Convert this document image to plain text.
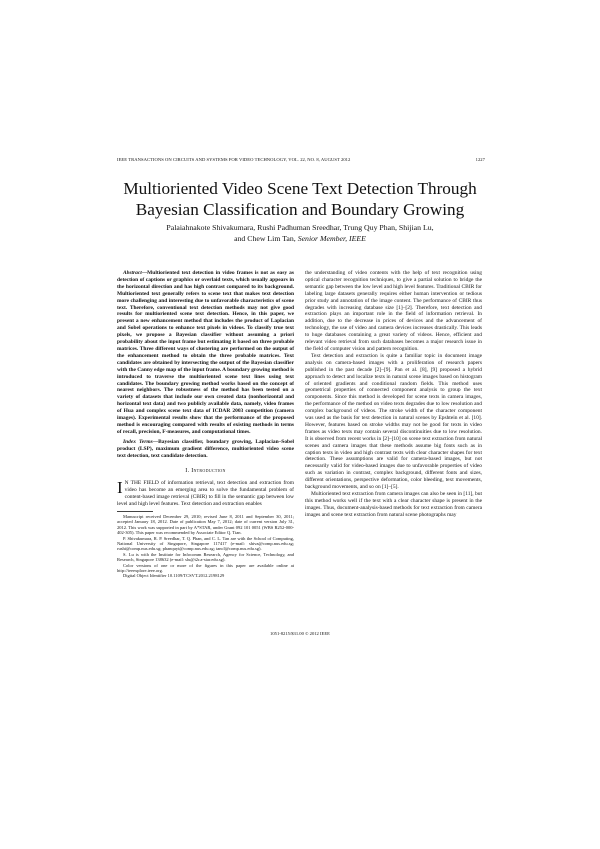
IEEE TRANSACTIONS ON CIRCUITS AND SYSTEMS FOR VIDEO TECHNOLOGY, VOL. 22, NO. 8, AUGUST 2012	1227
Multioriented Video Scene Text Detection Through
Bayesian Classification and Boundary Growing
Palaiahnakote Shivakumara, Rushi Padhuman Sreedhar, Trung Quy Phan, Shijian Lu,
and Chew Lim Tan, Senior Member, IEEE

Abstract—Multioriented text detection in video frames is not as easy as detection of captions or graphics or overlaid texts, which usually appears in the horizontal direction and has high contrast compared to its background. Multioriented text generally refers to scene text that makes text detection more challenging and interesting due to unfavorable characteristics of scene text. Therefore, conventional text detection methods may not give good results for multioriented scene text detection. Hence, in this paper, we present a new enhancement method that includes the product of Laplacian and Sobel operations to enhance text pixels in videos. To classify true text pixels, we propose a Bayesian classifier without assuming a priori probability about the input frame but estimating it based on three probable matrices. Three different ways of clustering are performed on the output of the enhancement method to obtain the three probable matrices. Text candidates are obtained by intersecting the output of the Bayesian classifier with the Canny edge map of the input frame. A boundary growing method is introduced to traverse the multioriented scene text lines using text candidates. The boundary growing method works based on the concept of nearest neighbors. The robustness of the method has been tested on a variety of datasets that include our own created data (nonhorizontal and horizontal text data) and two publicly available data, namely, video frames of Hua and complex scene text data of ICDAR 2003 competition (camera images). Experimental results show that the performance of the proposed method is encouraging compared with results of existing methods in terms of recall, precision, F-measures, and computational times.

Index Terms—Bayesian classifier, boundary growing, Laplacian–Sobel product (LSP), maximum gradient difference, multioriented video scene text detection, text candidate detection.

I. Introduction

I N THE FIELD of information retrieval, text detection and extraction from video has become an emerging area to solve the fundamental problem of content-based image retrieval (CBIR) to fill in the semantic gap between low level and high level features. Text detection and extraction enables

Manuscript received December 29, 2010; revised June 8, 2011 and September 30, 2011; accepted January 18, 2012. Date of publication May 7, 2012; date of current version July 31, 2012. This work was supported in part by A*STAR, under Grant 092 101 0051 (WBS R252-000-402-305). This paper was recommended by Associate Editor Q. Tian.

P. Shivakumara, R. P. Sreedhar, T. Q. Phan, and C. L. Tan are with the School of Computing, National University of Singapore, Singapore 117417 (e-mail: shiva@comp.nus.edu.sg; rushi@comp.nus.edu.sg; phanquyt@comp.nus.edu.sg; tancl@comp.nus.edu.sg).

S. Lu is with the Institute for Infocomm Research, Agency for Science, Technology, and Research, Singapore 138632 (e-mail: slu@i2r.a-star.edu.sg).

Color versions of one or more of the figures in this paper are available online at http://ieeexplore.ieee.org.

Digital Object Identifier 10.1109/TCSVT.2012.2198129

the understanding of video contents with the help of text recognition using optical character recognition techniques, to give a partial solution to bridge the semantic gap between the low level and high level features. Traditional CBIR for labeling large datasets generally requires either human intervention or tedious prior study and annotation of the image content. The performance of CBIR thus degrades with increasing database size [1]–[2]. Therefore, text detection and extraction plays an important role in the field of information retrieval. In addition, due to the decrease in prices of devices and the advancement of technology, the use of video and camera devices increases drastically. This leads to huge databases containing a great variety of videos. Hence, efficient and relevant video retrieval from such databases becomes a major research issue in the field of computer vision and pattern recognition.

Text detection and extraction is quite a familiar topic in document image analysis on camera-based images with a proliferation of research papers published in the past decade [2]–[9]. Pan et al. [8], [9] proposed a hybrid approach to detect and localize texts in natural scene images based on histogram of oriented gradients and conditional random fields. This method uses geometrical properties of connected component analysis to group the text components. Since this method is developed for scene texts in camera images, the performance of the method on video texts degrades due to low resolution and complex background of videos. The stroke width of the character component was used as the basis for text detection in natural scenes by Epshtein et al. [10]. However, features based on stroke widths may not be good for texts in video frames as video texts may contain several discontinuities due to low resolution. It is observed from recent works in [2]–[10] on scene text extraction from natural scenes and camera images that these methods assume big fonts such as in caption texts in video and high contrast texts with clear character shapes for text detection. These assumptions are valid for camera-based images, but not necessarily valid for video-based images due to unfavorable properties of video such as variation in contrast, complex background, different fonts and sizes, different orientations, perspective deformation, color bleeding, text movements, background movements, and so on [1]–[5].

Multioriented text extraction from camera images can also be seen in [11], but this method works well if the text with a clear character shape is present in the images. Thus, document-analysis-based methods for text extraction from camera images and scene text extraction from natural scene photographs may

1051-8215/$31.00 © 2012 IEEE
